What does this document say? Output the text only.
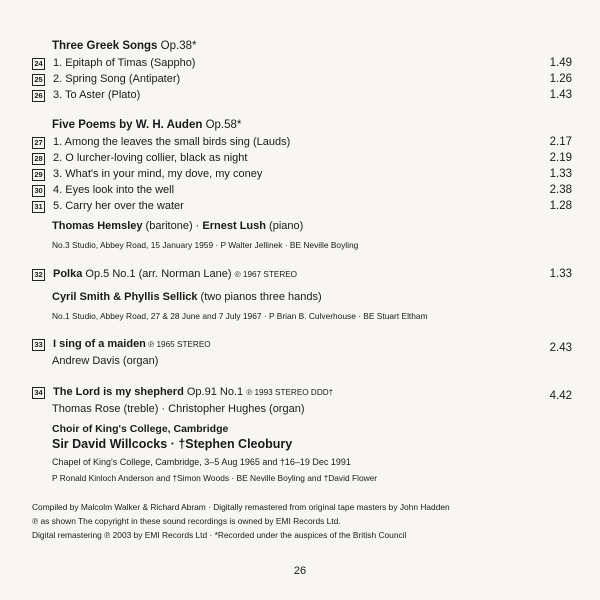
Three Greek Songs Op.38*
24 1. Epitaph of Timas (Sappho)	1.49
25 2. Spring Song (Antipater)	1.26
26 3. To Aster (Plato)	1.43
Five Poems by W. H. Auden Op.58*
27 1. Among the leaves the small birds sing (Lauds)	2.17
28 2. O lurcher-loving collier, black as night	2.19
29 3. What's in your mind, my dove, my coney	1.33
30 4. Eyes look into the well	2.38
31 5. Carry her over the water	1.28
Thomas Hemsley (baritone) · Ernest Lush (piano)
No.3 Studio, Abbey Road, 15 January 1959 · P Walter Jellinek · BE Neville Boyling
32 Polka Op.5 No.1 (arr. Norman Lane) ℗ 1967 STEREO	1.33
Cyril Smith & Phyllis Sellick (two pianos three hands)
No.1 Studio, Abbey Road, 27 & 28 June and 7 July 1967 · P Brian B. Culverhouse · BE Stuart Eltham
33 I sing of a maiden ℗ 1965 STEREO	2.43
Andrew Davis (organ)
34 The Lord is my shepherd Op.91 No.1 ℗ 1993 STEREO DDD†	4.42
Thomas Rose (treble) · Christopher Hughes (organ)
Choir of King's College, Cambridge
Sir David Willcocks · †Stephen Cleobury
Chapel of King's College, Cambridge, 3–5 Aug 1965 and †16–19 Dec 1991
P Ronald Kinloch Anderson and †Simon Woods · BE Neville Boyling and †David Flower
Compiled by Malcolm Walker & Richard Abram · Digitally remastered from original tape masters by John Hadden
℗ as shown The copyright in these sound recordings is owned by EMI Records Ltd.
Digital remastering ℗ 2003 by EMI Records Ltd · *Recorded under the auspices of the British Council
26
